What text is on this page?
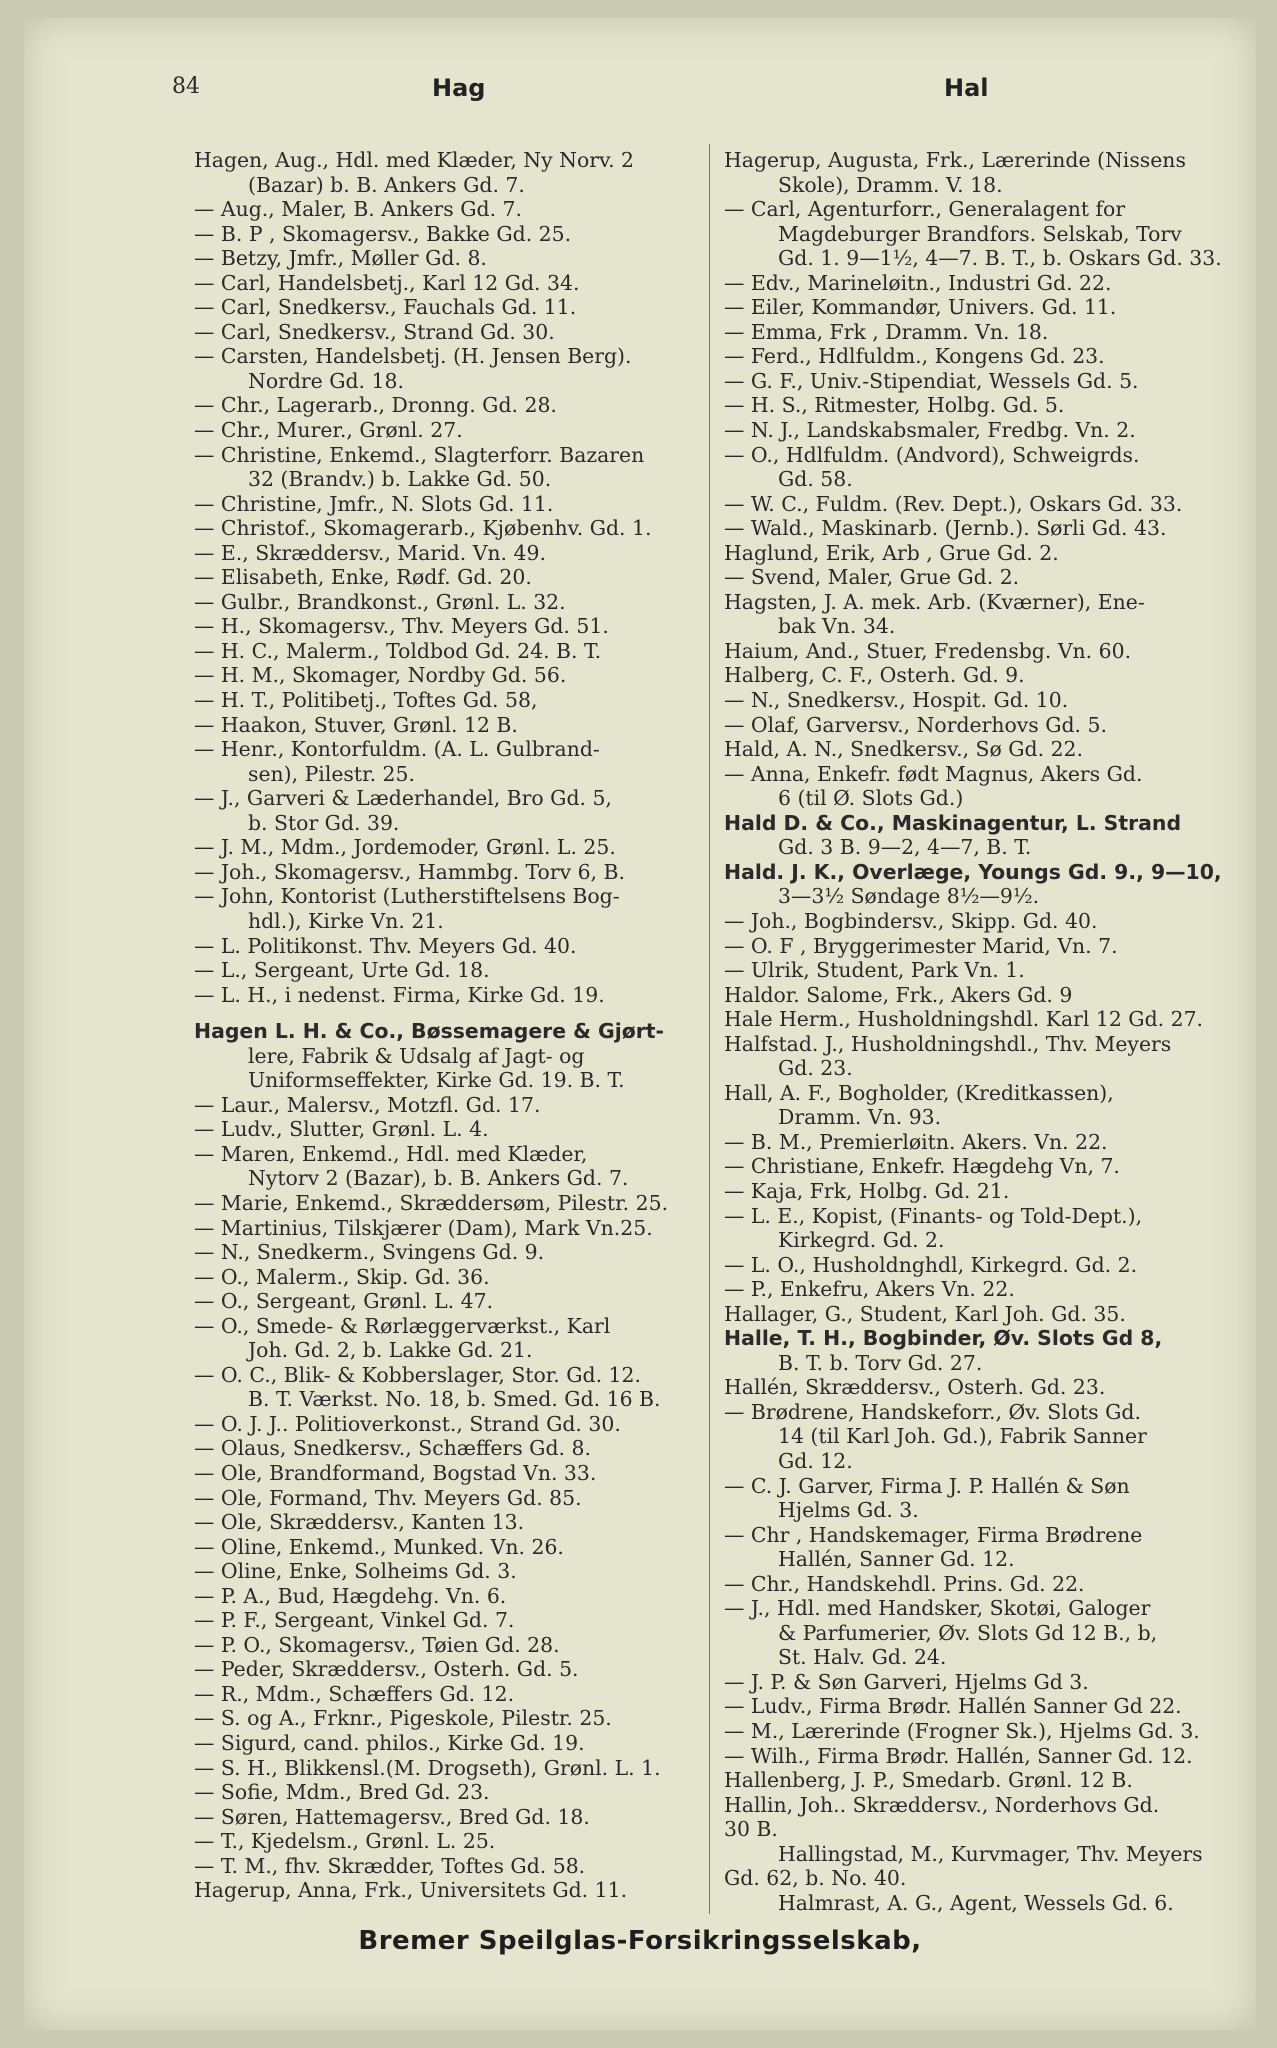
84	Hag	Hal
Hagen, Aug., Hdl. med Klæder, Ny Norv. 2
(Bazar) b. B. Ankers Gd. 7.
— Aug., Maler, B. Ankers Gd. 7.
— B. P , Skomagersv., Bakke Gd. 25.
— Betzy, Jmfr., Møller Gd. 8.
— Carl, Handelsbetj., Karl 12 Gd. 34.
— Carl, Snedkersv., Fauchals Gd. 11.
— Carl, Snedkersv., Strand Gd. 30.
— Carsten, Handelsbetj. (H. Jensen Berg).
Nordre Gd. 18.
— Chr., Lagerarb., Dronng. Gd. 28.
— Chr., Murer., Grønl. 27.
— Christine, Enkemd., Slagterforr. Bazaren
32 (Brandv.) b. Lakke Gd. 50.
— Christine, Jmfr., N. Slots Gd. 11.
— Christof., Skomagerarb., Kjøbenhv. Gd. 1.
— E., Skræddersv., Marid. Vn. 49.
— Elisabeth, Enke, Rødf. Gd. 20.
— Gulbr., Brandkonst., Grønl. L. 32.
— H., Skomagersv., Thv. Meyers Gd. 51.
— H. C., Malerm., Toldbod Gd. 24. B. T.
— H. M., Skomager, Nordby Gd. 56.
— H. T., Politibetj., Toftes Gd. 58,
— Haakon, Stuver, Grønl. 12 B.
— Henr., Kontorfuldm. (A. L. Gulbrand-
sen), Pilestr. 25.
— J., Garveri & Læderhandel, Bro Gd. 5,
b. Stor Gd. 39.
— J. M., Mdm., Jordemoder, Grønl. L. 25.
— Joh., Skomagersv., Hammbg. Torv 6, B.
— John, Kontorist (Lutherstiftelsens Bog-
hdl.), Kirke Vn. 21.
— L. Politikonst. Thv. Meyers Gd. 40.
— L., Sergeant, Urte Gd. 18.
— L. H., i nedenst. Firma, Kirke Gd. 19.
Hagen L. H. & Co., Bøssemagere & Gjørt-
lere, Fabrik & Udsalg af Jagt- og
Uniformseffekter, Kirke Gd. 19. B. T.
— Laur., Malersv., Motzfl. Gd. 17.
— Ludv., Slutter, Grønl. L. 4.
— Maren, Enkemd., Hdl. med Klæder,
Nytorv 2 (Bazar), b. B. Ankers Gd. 7.
— Marie, Enkemd., Skræddersøm, Pilestr. 25.
— Martinius, Tilskjærer (Dam), Mark Vn.25.
— N., Snedkerm., Svingens Gd. 9.
— O., Malerm., Skip. Gd. 36.
— O., Sergeant, Grønl. L. 47.
— O., Smede- & Rørlæggerværkst., Karl
Joh. Gd. 2, b. Lakke Gd. 21.
— O. C., Blik- & Kobberslager, Stor. Gd. 12.
B. T. Værkst. No. 18, b. Smed. Gd. 16 B.
— O. J. J.. Politioverkonst., Strand Gd. 30.
— Olaus, Snedkersv., Schæffers Gd. 8.
— Ole, Brandformand, Bogstad Vn. 33.
— Ole, Formand, Thv. Meyers Gd. 85.
— Ole, Skræddersv., Kanten 13.
— Oline, Enkemd., Munked. Vn. 26.
— Oline, Enke, Solheims Gd. 3.
— P. A., Bud, Hægdehg. Vn. 6.
— P. F., Sergeant, Vinkel Gd. 7.
— P. O., Skomagersv., Tøien Gd. 28.
— Peder, Skræddersv., Osterh. Gd. 5.
— R., Mdm., Schæffers Gd. 12.
— S. og A., Frknr., Pigeskole, Pilestr. 25.
— Sigurd, cand. philos., Kirke Gd. 19.
— S. H., Blikkensl.(M. Drogseth), Grønl. L. 1.
— Sofie, Mdm., Bred Gd. 23.
— Søren, Hattemagersv., Bred Gd. 18.
— T., Kjedelsm., Grønl. L. 25.
— T. M., fhv. Skrædder, Toftes Gd. 58.
Hagerup, Anna, Frk., Universitets Gd. 11.
Hagerup, Augusta, Frk., Lærerinde (Nissens
Skole), Dramm. V. 18.
— Carl, Agenturforr., Generalagent for
Magdeburger Brandfors. Selskab, Torv
Gd. 1. 9—1½, 4—7. B. T., b. Oskars Gd. 33.
— Edv., Marineløitn., Industri Gd. 22.
— Eiler, Kommandør, Univers. Gd. 11.
— Emma, Frk , Dramm. Vn. 18.
— Ferd., Hdlfuldm., Kongens Gd. 23.
— G. F., Univ.-Stipendiat, Wessels Gd. 5.
— H. S., Ritmester, Holbg. Gd. 5.
— N. J., Landskabsmaler, Fredbg. Vn. 2.
— O., Hdlfuldm. (Andvord), Schweigrds.
Gd. 58.
— W. C., Fuldm. (Rev. Dept.), Oskars Gd. 33.
— Wald., Maskinarb. (Jernb.). Sørli Gd. 43.
Haglund, Erik, Arb , Grue Gd. 2.
— Svend, Maler, Grue Gd. 2.
Hagsten, J. A. mek. Arb. (Kværner), Ene-
bak Vn. 34.
Haium, And., Stuer, Fredensbg. Vn. 60.
Halberg, C. F., Osterh. Gd. 9.
— N., Snedkersv., Hospit. Gd. 10.
— Olaf, Garversv., Norderhovs Gd. 5.
Hald, A. N., Snedkersv., Sø Gd. 22.
— Anna, Enkefr. født Magnus, Akers Gd.
6 (til Ø. Slots Gd.)
Hald D. & Co., Maskinagentur, L. Strand
Gd. 3 B. 9—2, 4—7, B. T.
Hald. J. K., Overlæge, Youngs Gd. 9., 9—10,
3—3½ Søndage 8½—9½.
— Joh., Bogbindersv., Skipp. Gd. 40.
— O. F , Bryggerimester Marid, Vn. 7.
— Ulrik, Student, Park Vn. 1.
Haldor. Salome, Frk., Akers Gd. 9
Hale Herm., Husholdningshdl. Karl 12 Gd. 27.
Halfstad. J., Husholdningshdl., Thv. Meyers
Gd. 23.
Hall, A. F., Bogholder, (Kreditkassen),
Dramm. Vn. 93.
— B. M., Premierløitn. Akers. Vn. 22.
— Christiane, Enkefr. Hægdehg Vn, 7.
— Kaja, Frk, Holbg. Gd. 21.
— L. E., Kopist, (Finants- og Told-Dept.),
Kirkegrd. Gd. 2.
— L. O., Husholdnghdl, Kirkegrd. Gd. 2.
— P., Enkefru, Akers Vn. 22.
Hallager, G., Student, Karl Joh. Gd. 35.
Halle, T. H., Bogbinder, Øv. Slots Gd 8,
B. T. b. Torv Gd. 27.
Hallén, Skræddersv., Osterh. Gd. 23.
— Brødrene, Handskeforr., Øv. Slots Gd.
14 (til Karl Joh. Gd.), Fabrik Sanner
Gd. 12.
— C. J. Garver, Firma J. P. Hallén & Søn
Hjelms Gd. 3.
— Chr , Handskemager, Firma Brødrene
Hallén, Sanner Gd. 12.
— Chr., Handskehdl. Prins. Gd. 22.
— J., Hdl. med Handsker, Skotøi, Galoger
& Parfumerier, Øv. Slots Gd 12 B., b,
St. Halv. Gd. 24.
— J. P. & Søn Garveri, Hjelms Gd 3.
— Ludv., Firma Brødr. Hallén Sanner Gd 22.
— M., Lærerinde (Frogner Sk.), Hjelms Gd. 3.
— Wilh., Firma Brødr. Hallén, Sanner Gd. 12.
Hallenberg, J. P., Smedarb. Grønl. 12 B.
Hallin, Joh.. Skræddersv., Norderhovs Gd.
30 B.
Hallingstad, M., Kurvmager, Thv. Meyers
Gd. 62, b. No. 40.
Halmrast, A. G., Agent, Wessels Gd. 6.
Bremer Speilglas-Forsikringsselskab,
